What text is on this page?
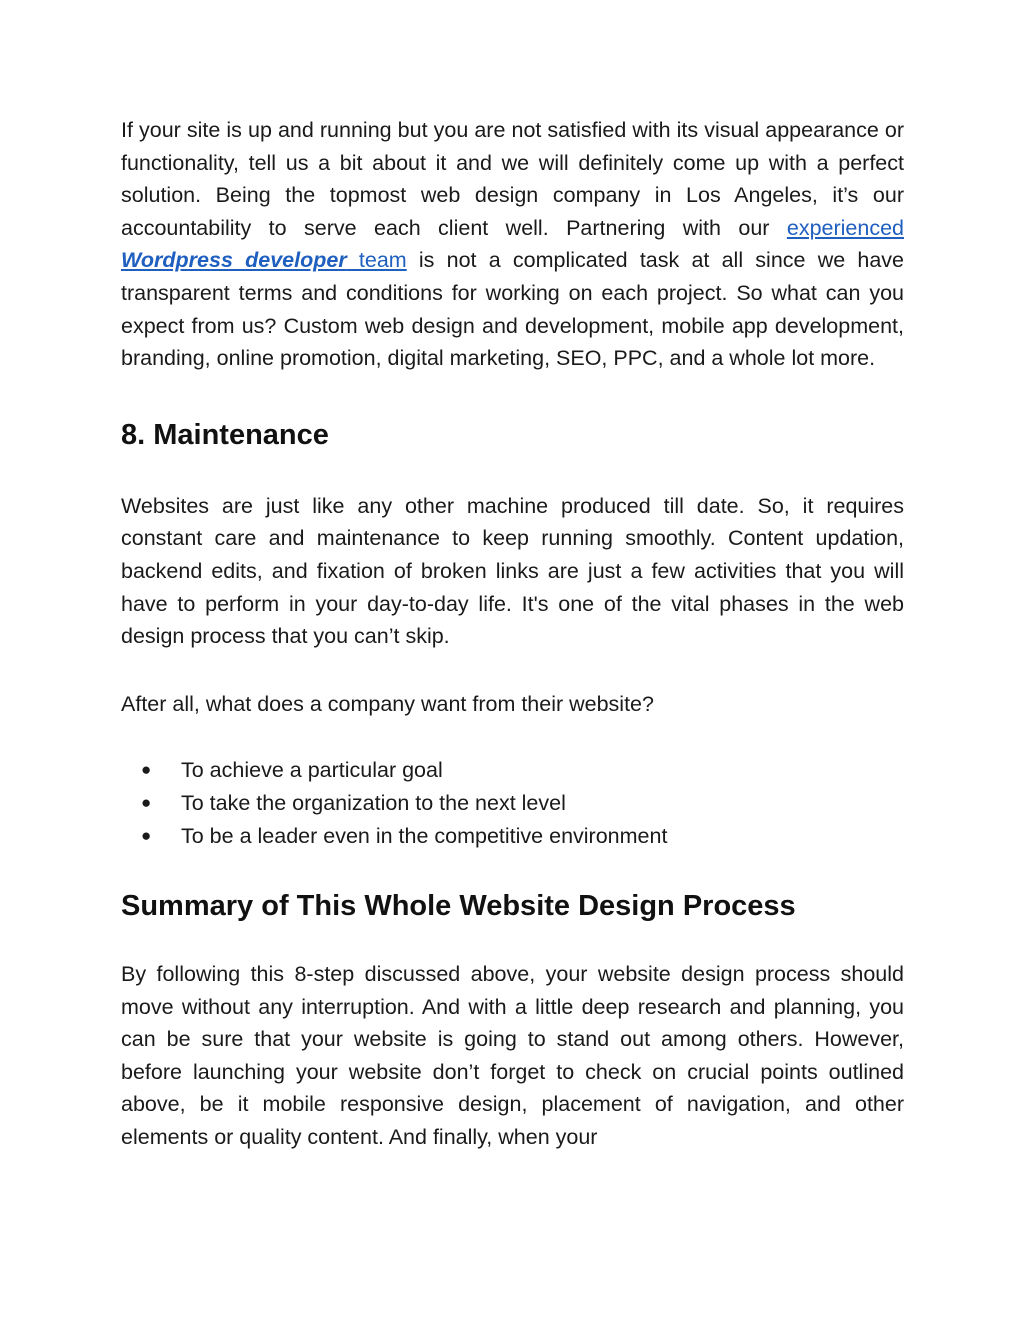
If your site is up and running but you are not satisfied with its visual appearance or functionality, tell us a bit about it and we will definitely come up with a perfect solution. Being the topmost web design company in Los Angeles, it’s our accountability to serve each client well. Partnering with our experienced Wordpress developer team is not a complicated task at all since we have transparent terms and conditions for working on each project. So what can you expect from us? Custom web design and development, mobile app development, branding, online promotion, digital marketing, SEO, PPC, and a whole lot more.

8. Maintenance

Websites are just like any other machine produced till date. So, it requires constant care and maintenance to keep running smoothly. Content updation, backend edits, and fixation of broken links are just a few activities that you will have to perform in your day-to-day life. It's one of the vital phases in the web design process that you can’t skip.

After all, what does a company want from their website?

● To achieve a particular goal
● To take the organization to the next level
● To be a leader even in the competitive environment
Summary of This Whole Website Design Process

By following this 8-step discussed above, your website design process should move without any interruption. And with a little deep research and planning, you can be sure that your website is going to stand out among others. However, before launching your website don’t forget to check on crucial points outlined above, be it mobile responsive design, placement of navigation, and other elements or quality content. And finally, when your
